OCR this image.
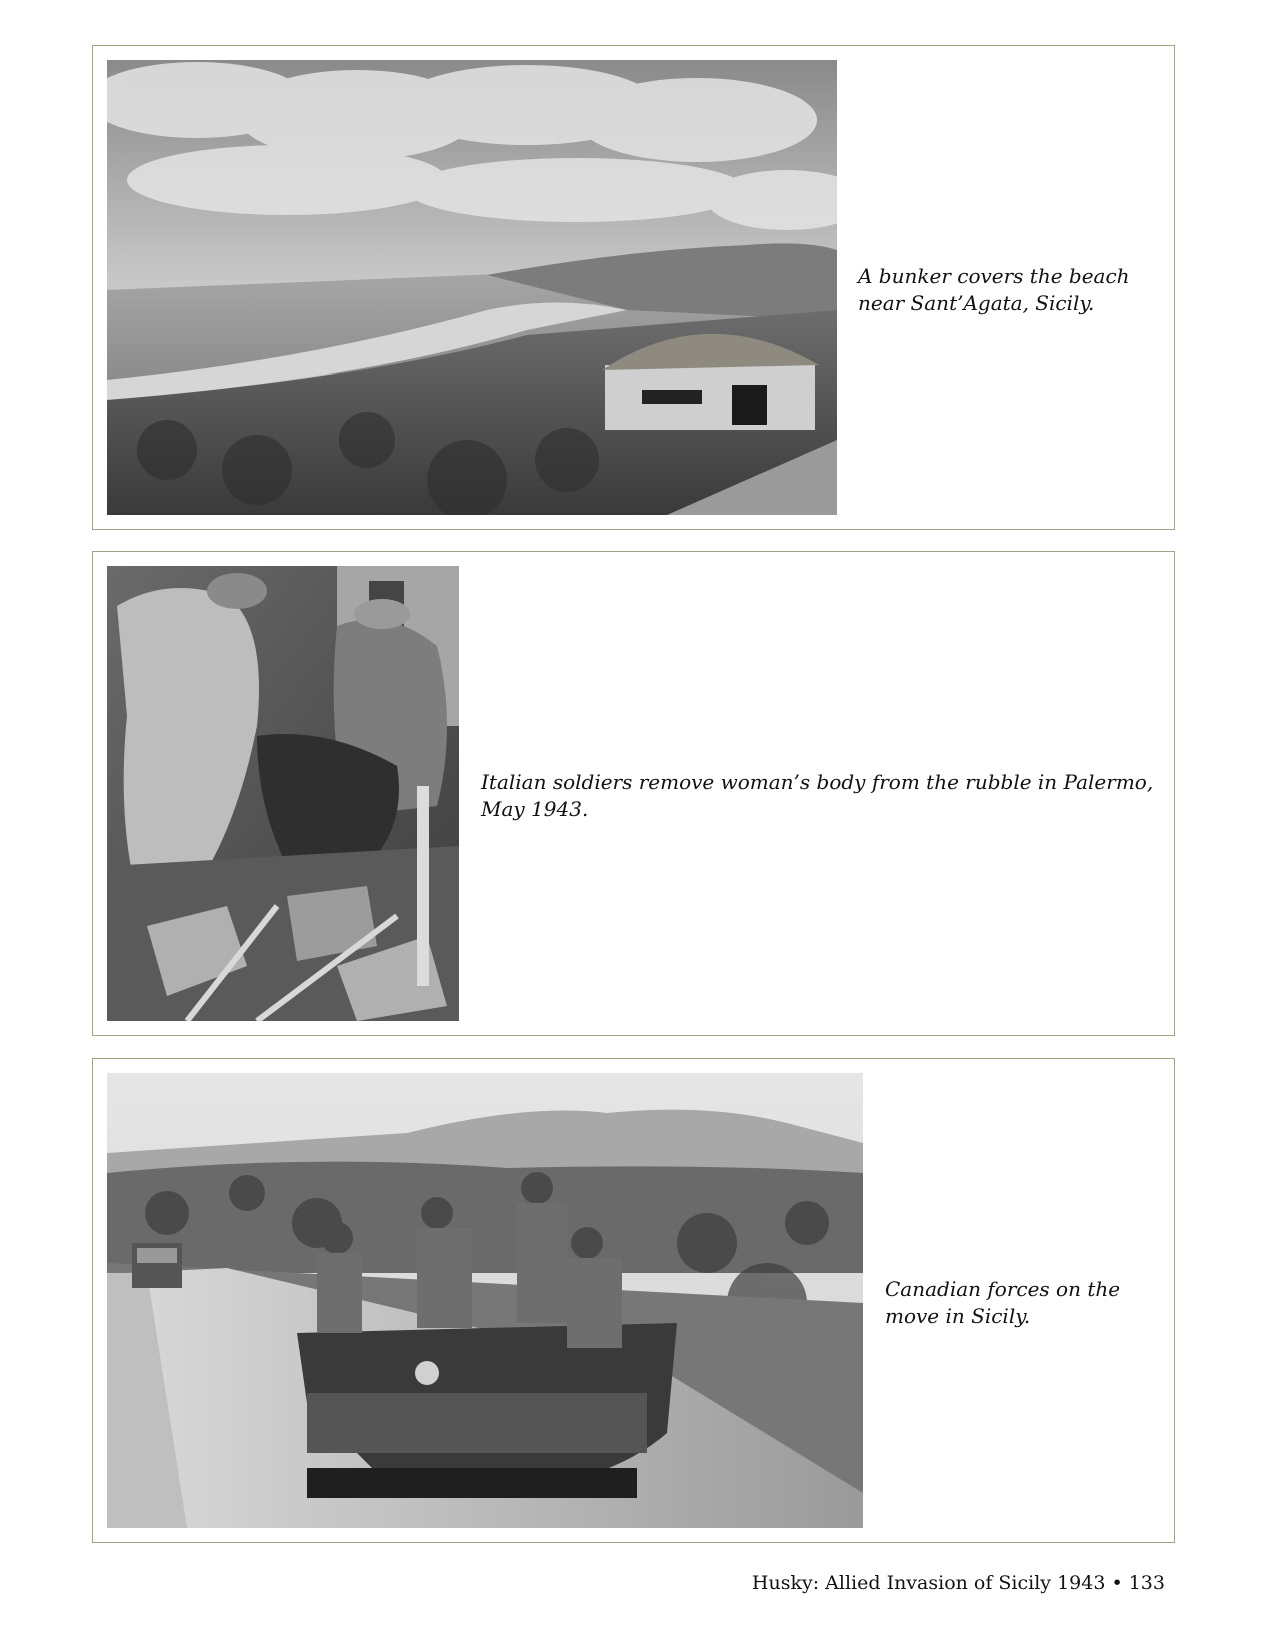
A bunker covers the beach near Sant’Agata, Sicily.
Italian soldiers remove woman’s body from the rubble in Palermo, May 1943.
Canadian forces on the move in Sicily.
Husky: Allied Invasion of Sicily 1943 • 133
